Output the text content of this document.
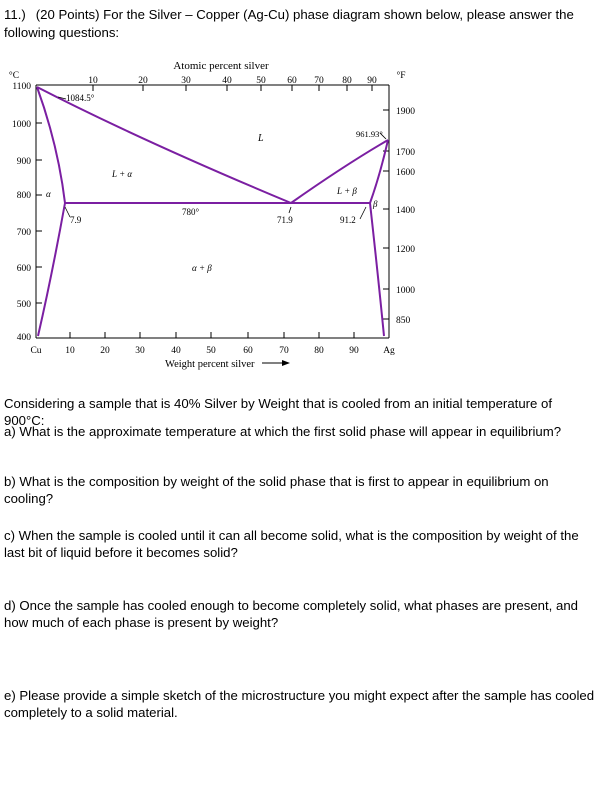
11.) (20 Points) For the Silver – Copper (Ag-Cu) phase diagram shown below, please answer the following questions:
Atomic percent silver
10	20	30	40	50 60 70 80 90
°C	°F
1100
1000
900
800
700
600
500
400
1900
1700
1600
1400
1200
1000
850
Cu 10	20	30	40	50	60	70	80	90	Ag
Weight percent silver
1084.5°
961.93°
L
L + α
L + β
α
β
780°
7.9	71.9	91.2
α + β
Considering a sample that is 40% Silver by Weight that is cooled from an initial temperature of 900°C:
a) What is the approximate temperature at which the first solid phase will appear in equilibrium?
b) What is the composition by weight of the solid phase that is first to appear in equilibrium on cooling?
c) When the sample is cooled until it can all become solid, what is the composition by weight of the last bit of liquid before it becomes solid?
d) Once the sample has cooled enough to become completely solid, what phases are present, and how much of each phase is present by weight?
e) Please provide a simple sketch of the microstructure you might expect after the sample has cooled completely to a solid material.
